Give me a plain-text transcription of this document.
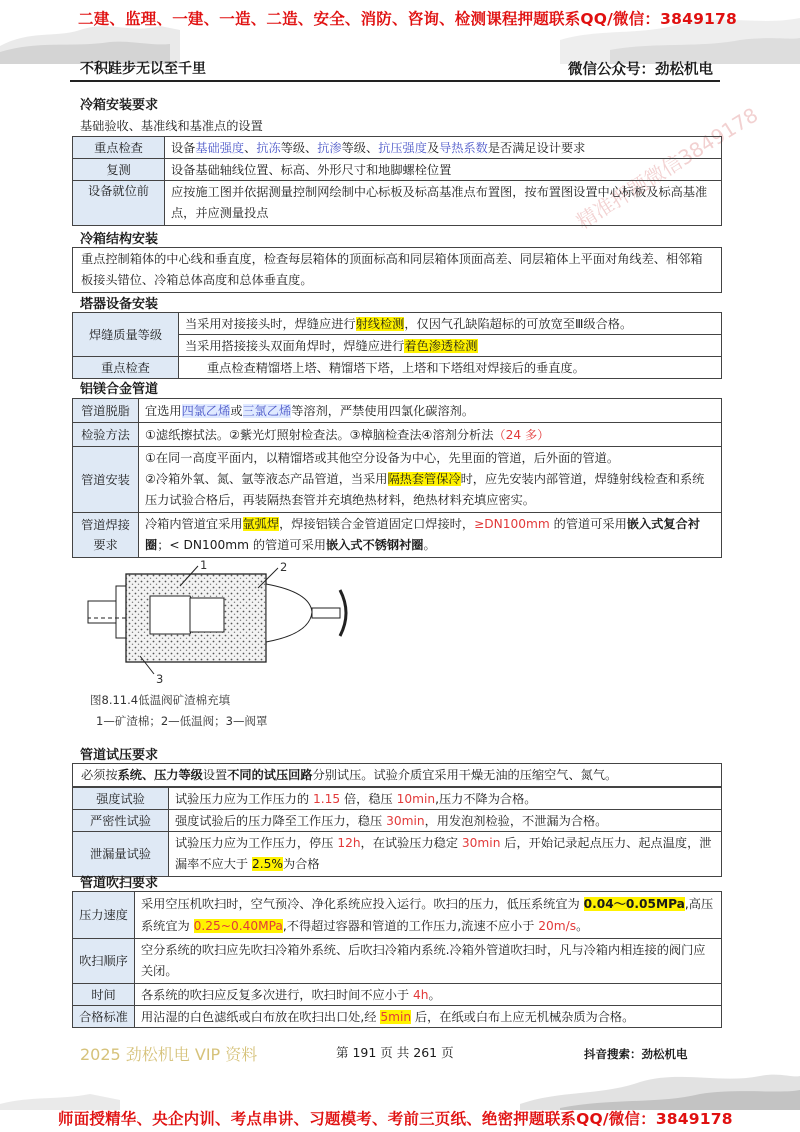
二建、监理、一建、一造、二造、安全、消防、咨询、检测课程押题联系QQ/微信：3849178
不积跬步无以至千里	微信公众号：劲松机电
精准押题微信3849178
冷箱安装要求
基础验收、基准线和基准点的设置
重点检查	设备基础强度、抗冻等级、抗渗等级、抗压强度及导热系数是否满足设计要求
复测	设备基础轴线位置、标高、外形尺寸和地脚螺栓位置
设备就位前	应按施工图并依据测量控制网绘制中心标板及标高基准点布置图，按布置图设置中心标板及标高基准点，并应测量投点
冷箱结构安装
重点控制箱体的中心线和垂直度，检查每层箱体的顶面标高和同层箱体顶面高差、同层箱体上平面对角线差、相邻箱板接头错位、冷箱总体高度和总体垂直度。
塔器设备安装
焊缝质量等级	当采用对接接头时，焊缝应进行射线检测，仅因气孔缺陷超标的可放宽至Ⅲ级合格。
	当采用搭接接头双面角焊时，焊缝应进行着色渗透检测
重点检查	重点检查精馏塔上塔、精馏塔下塔，上塔和下塔组对焊接后的垂直度。
铝镁合金管道
管道脱脂	宜选用四氯乙烯或三氯乙烯等溶剂，严禁使用四氯化碳溶剂。
检验方法	①滤纸擦拭法。②紫光灯照射检查法。③樟脑检查法④溶剂分析法（24 多）
管道安装	①在同一高度平面内，以精馏塔或其他空分设备为中心，先里面的管道，后外面的管道。
②冷箱外氧、氮、氩等液态产品管道，当采用隔热套管保冷时，应先安装内部管道，焊缝射线检查和系统压力试验合格后，再装隔热套管并充填绝热材料，绝热材料充填应密实。

管道焊接要求	冷箱内管道宜采用氩弧焊，焊接铝镁合金管道固定口焊接时，≥DN100mm 的管道可采用嵌入式复合衬圈；< DN100mm 的管道可采用嵌入式不锈钢衬圈。
1	2
3
图8.11.4低温阀矿渣棉充填
1—矿渣棉；2—低温阀；3—阀罩
管道试压要求
必须按系统、压力等级设置不同的试压回路分别试压。试验介质宜采用干燥无油的压缩空气、氮气。
强度试验	试验压力应为工作压力的 1.15 倍，稳压 10min,压力不降为合格。
严密性试验	强度试验后的压力降至工作压力，稳压 30min，用发泡剂检验，不泄漏为合格。
泄漏量试验	试验压力应为工作压力，停压 12h，在试验压力稳定 30min 后，开始记录起点压力、起点温度，泄漏率不应大于 2.5%为合格
管道吹扫要求
压力速度	采用空压机吹扫时，空气预冷、净化系统应投入运行。吹扫的压力，低压系统宜为 0.04～0.05MPa,高压系统宜为 0.25~0.40MPa,不得超过容器和管道的工作压力,流速不应小于 20m/s。
吹扫顺序	空分系统的吹扫应先吹扫冷箱外系统、后吹扫冷箱内系统.冷箱外管道吹扫时，凡与冷箱内相连接的阀门应关闭。
时间	各系统的吹扫应反复多次进行，吹扫时间不应小于 4h。
合格标准	用沾湿的白色滤纸或白布放在吹扫出口处,经 5min 后，在纸或白布上应无机械杂质为合格。
2025 劲松机电 VIP 资料	第 191 页 共 261 页	抖音搜索：劲松机电
师面授精华、央企内训、考点串讲、习题模考、考前三页纸、绝密押题联系QQ/微信：3849178
